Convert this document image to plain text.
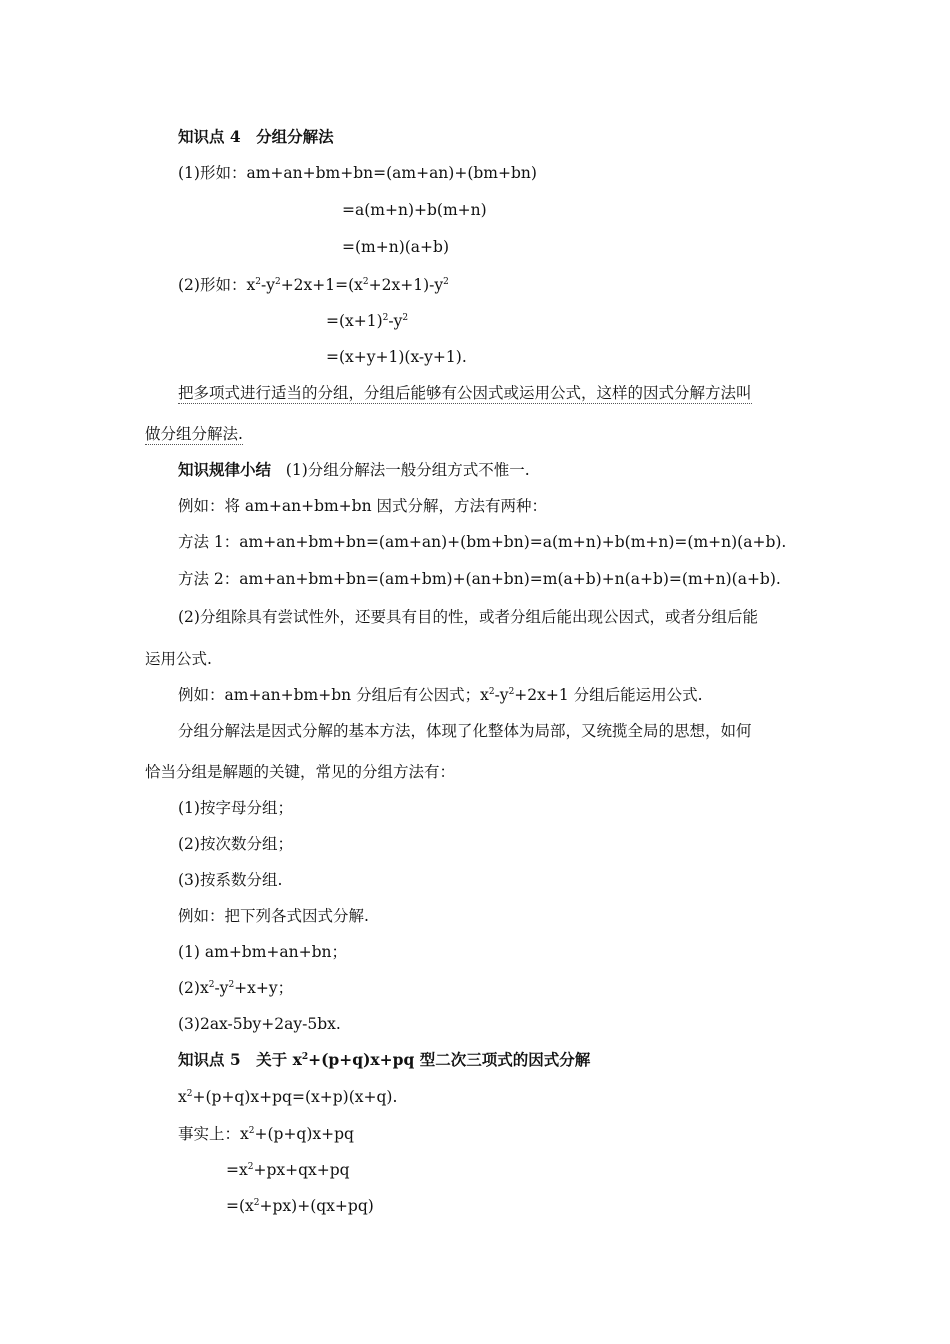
知识点 4　分组分解法
(1)形如：am+an+bm+bn=(am+an)+(bm+bn)
=a(m+n)+b(m+n)
=(m+n)(a+b)
(2)形如：$x^2-y^2+2x+1=(x^2+2x+1)-y^2$
$=(x+1)^2-y^2$
=(x+y+1)(x-y+1).
把多项式进行适当的分组，分组后能够有公因式或运用公式，这样的因式分解方法叫
做分组分解法.
知识规律小结 (1)分组分解法一般分组方式不惟一.
例如：将 am+an+bm+bn 因式分解，方法有两种：
方法 1：am+an+bm+bn=(am+an)+(bm+bn)=a(m+n)+b(m+n)=(m+n)(a+b).
方法 2：am+an+bm+bn=(am+bm)+(an+bn)=m(a+b)+n(a+b)=(m+n)(a+b).
(2)分组除具有尝试性外，还要具有目的性，或者分组后能出现公因式，或者分组后能
运用公式.
例如：am+an+bm+bn 分组后有公因式；$x^2-y^2+2x+1$ 分组后能运用公式.
分组分解法是因式分解的基本方法，体现了化整体为局部，又统揽全局的思想，如何
恰当分组是解题的关键，常见的分组方法有：
(1)按字母分组；
(2)按次数分组；
(3)按系数分组.
例如：把下列各式因式分解.
(1) am+bm+an+bn；
$(2)x^2-y^2+x+y$；
(3)2ax-5by+2ay-5bx.
知识点 5　关于 $x^2+(p+q)x+pq$ 型二次三项式的因式分解
$x^2+(p+q)x+pq=(x+p)(x+q)$.
事实上：$x^2+(p+q)x+pq$
$=x^2+px+qx+pq$
$=(x^2+px)+(qx+pq)$
